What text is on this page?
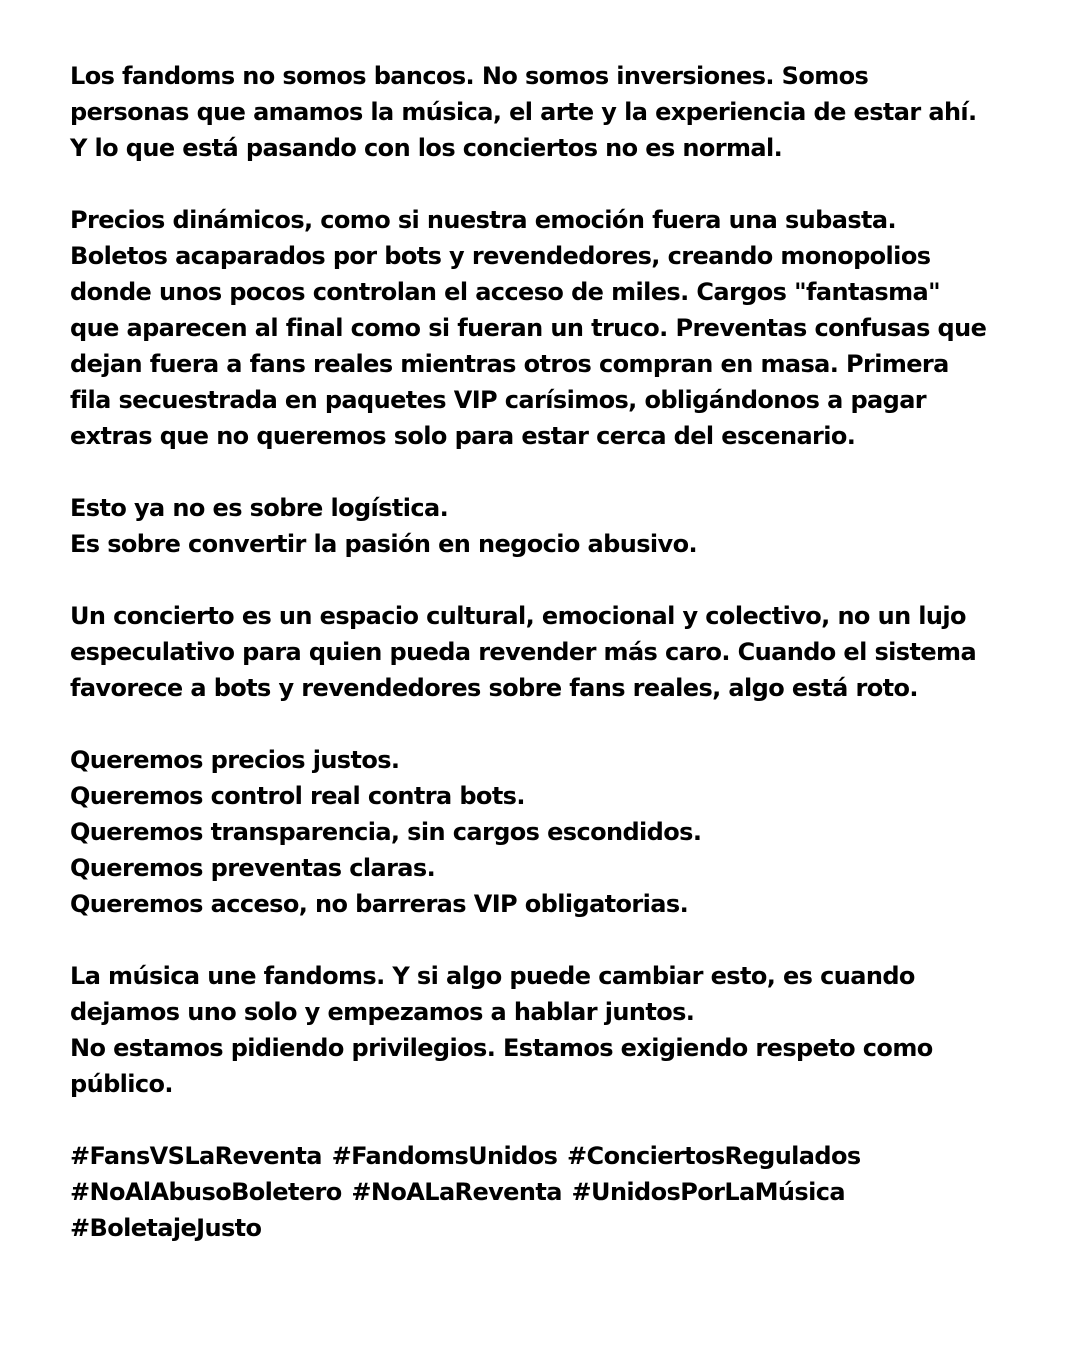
Los fandoms no somos bancos. No somos inversiones. Somos
personas que amamos la música, el arte y la experiencia de estar ahí.
Y lo que está pasando con los conciertos no es normal.
Precios dinámicos, como si nuestra emoción fuera una subasta.
Boletos acaparados por bots y revendedores, creando monopolios
donde unos pocos controlan el acceso de miles. Cargos "fantasma"
que aparecen al final como si fueran un truco. Preventas confusas que
dejan fuera a fans reales mientras otros compran en masa. Primera
fila secuestrada en paquetes VIP carísimos, obligándonos a pagar
extras que no queremos solo para estar cerca del escenario.
Esto ya no es sobre logística.
Es sobre convertir la pasión en negocio abusivo.
Un concierto es un espacio cultural, emocional y colectivo, no un lujo
especulativo para quien pueda revender más caro. Cuando el sistema
favorece a bots y revendedores sobre fans reales, algo está roto.
Queremos precios justos.
Queremos control real contra bots.
Queremos transparencia, sin cargos escondidos.
Queremos preventas claras.
Queremos acceso, no barreras VIP obligatorias.
La música une fandoms. Y si algo puede cambiar esto, es cuando
dejamos uno solo y empezamos a hablar juntos.
No estamos pidiendo privilegios. Estamos exigiendo respeto como
público.
#FansVSLaReventa #FandomsUnidos #ConciertosRegulados
#NoAlAbusoBoletero #NoALaReventa #UnidosPorLaMúsica
#BoletajeJusto
